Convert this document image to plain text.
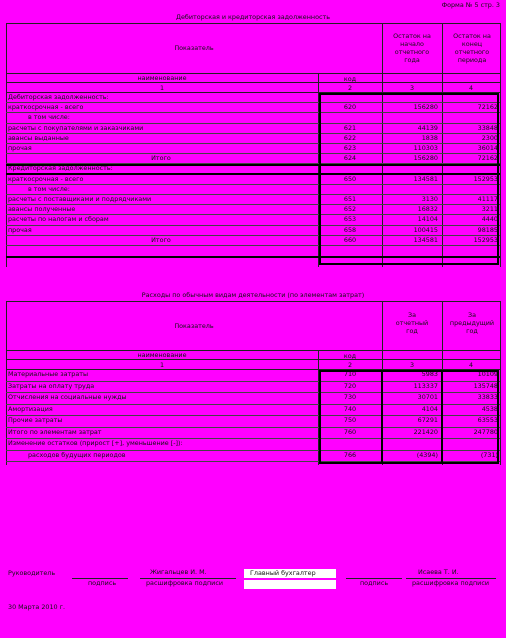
Форма № 5 стр. 3
Дебиторская и кредиторская задолженность
Показатель
Остаток на начало отчетного года
Остаток на конец отчетного периода
наименование	код
1	2	3	4
Дебиторская задолженность:
краткосрочная - всего	620	156280	72162
в том числе:
расчеты с покупателями и заказчиками	621	44139	33848
авансы выданные	622	1838	2300
прочая	623	110303	36014
Итого	624	156280	72162
Кредиторская задолженность:
краткосрочная - всего	650	134581	152953
в том числе:
расчеты с поставщиками и подрядчиками	651	3130	41117
авансы полученные	652	16832	3211
расчеты по налогам и сборам	653	14104	4440
прочая	658	100415	98185
Итого	660	134581	152953
Расходы по обычным видам деятельности (по элементам затрат)
Показатель
За отчетный год
За предыдущий год
наименование	код
1	2	3	4
Материальные затраты	710	5983	10109
Затраты на оплату труда	720	113337	135748
Отчисления на социальные нужды	730	30701	33833
Амортизация	740	4104	4538
Прочие затраты	750	67291	63553
Итого по элементам затрат	760	221420	247780
Изменение остатков (прирост [+], уменьшение [-]):
расходов будущих периодов	766	(4394)	(731)
Руководитель	Жигальцев И. М.
подпись	расшифровка подписи
Главный бухгалтер	Исаева Т. И.
подпись	расшифровка подписи
30 Марта 2010 г.
